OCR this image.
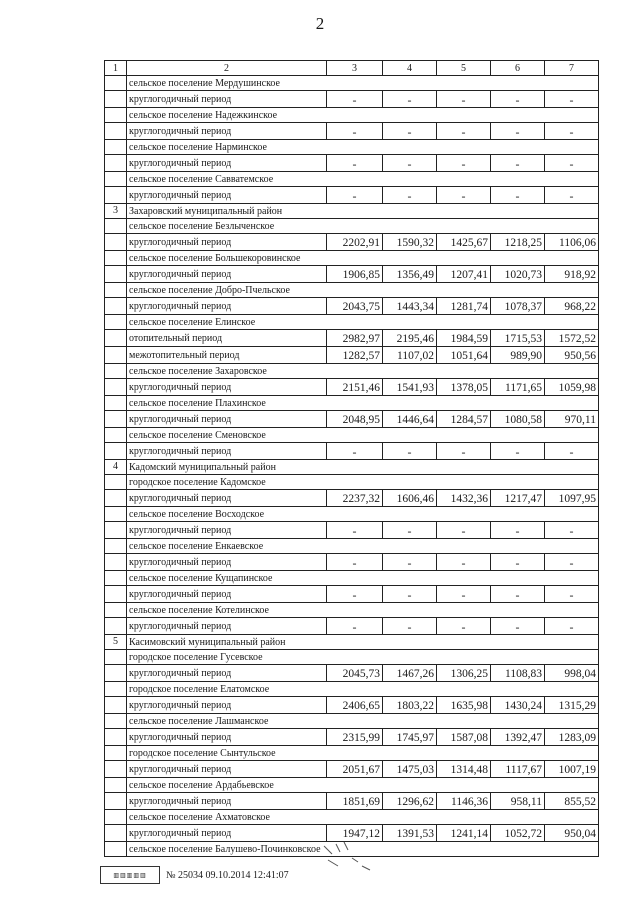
2
1	2	3	4	5	6	7
	сельское поселение Мердушинское					
	круглогодичный период	-	-	-	-	-
	сельское поселение Надежкинское					
	круглогодичный период	-	-	-	-	-
	сельское поселение Нарминское					
	круглогодичный период	-	-	-	-	-
	сельское поселение Савватемское					
	круглогодичный период	-	-	-	-	-
3	Захаровский муниципальный район					
	сельское поселение Безлыченское					
	круглогодичный период	2202,91	1590,32	1425,67	1218,25	1106,06
	сельское поселение Большекоровинское					
	круглогодичный период	1906,85	1356,49	1207,41	1020,73	918,92
	сельское поселение Добро-Пчельское					
	круглогодичный период	2043,75	1443,34	1281,74	1078,37	968,22
	сельское поселение Елинское					
	отопительный период	2982,97	2195,46	1984,59	1715,53	1572,52
	межотопительный период	1282,57	1107,02	1051,64	989,90	950,56
	сельское поселение Захаровское					
	круглогодичный период	2151,46	1541,93	1378,05	1171,65	1059,98
	сельское поселение Плахинское					
	круглогодичный период	2048,95	1446,64	1284,57	1080,58	970,11
	сельское поселение Сменовское					
	круглогодичный период	-	-	-	-	-
4	Кадомский муниципальный район					
	городское поселение Кадомское					
	круглогодичный период	2237,32	1606,46	1432,36	1217,47	1097,95
	сельское поселение Восходское					
	круглогодичный период	-	-	-	-	-
	сельское поселение Енкаевское					
	круглогодичный период	-	-	-	-	-
	сельское поселение Кущапинское					
	круглогодичный период	-	-	-	-	-
	сельское поселение Котелинское					
	круглогодичный период	-	-	-	-	-
5	Касимовский муниципальный район					
	городское поселение Гусевское					
	круглогодичный период	2045,73	1467,26	1306,25	1108,83	998,04
	городское поселение Елатомское					
	круглогодичный период	2406,65	1803,22	1635,98	1430,24	1315,29
	сельское поселение Лашманское					
	круглогодичный период	2315,99	1745,97	1587,08	1392,47	1283,09
	городское поселение Сынтульское					
	круглогодичный период	2051,67	1475,03	1314,48	1117,67	1007,19
	сельское поселение Ардабьевское					
	круглогодичный период	1851,69	1296,62	1146,36	958,11	855,52
	сельское поселение Ахматовское					
	круглогодичный период	1947,12	1391,53	1241,14	1052,72	950,04
	сельское поселение Балушево-Починковское					
▥▥▥▥▥	№ 25034 09.10.2014 12:41:07
